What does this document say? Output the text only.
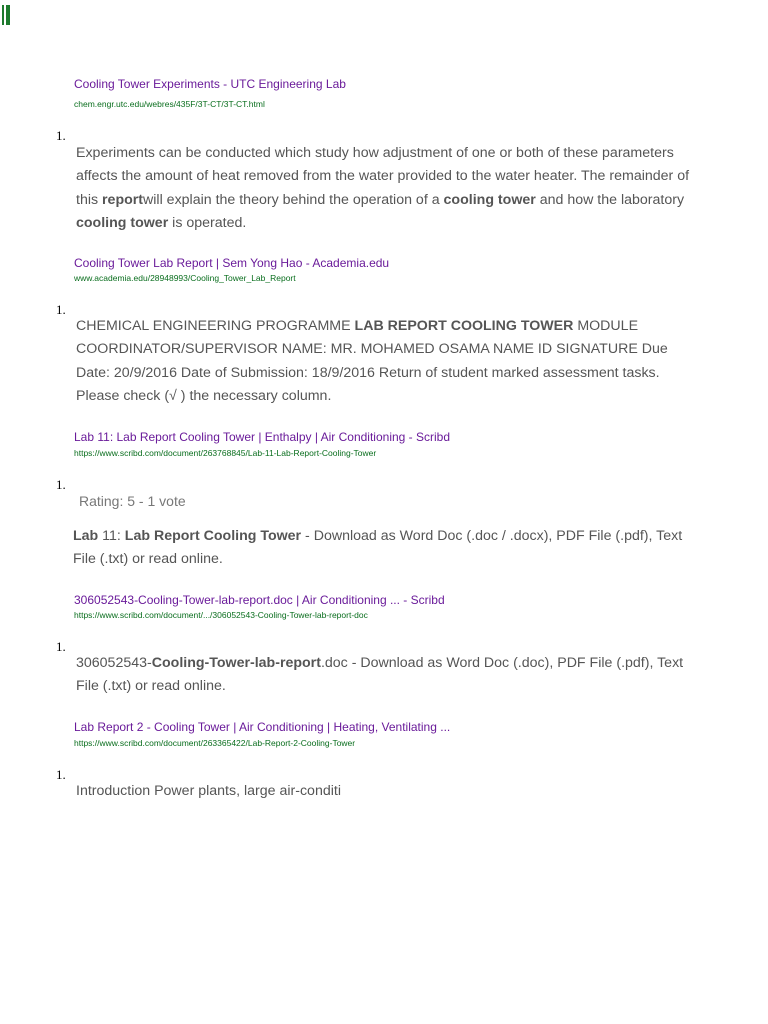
Cooling Tower Experiments - UTC Engineering Lab
chem.engr.utc.edu/webres/435F/3T-CT/3T-CT.html
1.
Experiments can be conducted which study how adjustment of one or both of these parameters affects the amount of heat removed from the water provided to the water heater. The remainder of this reportwill explain the theory behind the operation of a cooling tower and how the laboratory cooling tower is operated.
Cooling Tower Lab Report | Sem Yong Hao - Academia.edu
www.academia.edu/28948993/Cooling_Tower_Lab_Report
1.
CHEMICAL ENGINEERING PROGRAMME LAB REPORT COOLING TOWER MODULE COORDINATOR/SUPERVISOR NAME: MR. MOHAMED OSAMA NAME ID SIGNATURE Due Date: 20/9/2016 Date of Submission: 18/9/2016 Return of student marked assessment tasks. Please check (√ ) the necessary column.
Lab 11: Lab Report Cooling Tower | Enthalpy | Air Conditioning - Scribd
https://www.scribd.com/document/263768845/Lab-11-Lab-Report-Cooling-Tower
1.
Rating: 5 - 1 vote
Lab 11: Lab Report Cooling Tower - Download as Word Doc (.doc / .docx), PDF File (.pdf), Text File (.txt) or read online.
306052543-Cooling-Tower-lab-report.doc | Air Conditioning ... - Scribd
https://www.scribd.com/document/.../306052543-Cooling-Tower-lab-report-doc
1.
306052543-Cooling-Tower-lab-report.doc - Download as Word Doc (.doc), PDF File (.pdf), Text File (.txt) or read online.
Lab Report 2 - Cooling Tower | Air Conditioning | Heating, Ventilating ...
https://www.scribd.com/document/263365422/Lab-Report-2-Cooling-Tower
1.
Introduction Power plants, large air-conditi
